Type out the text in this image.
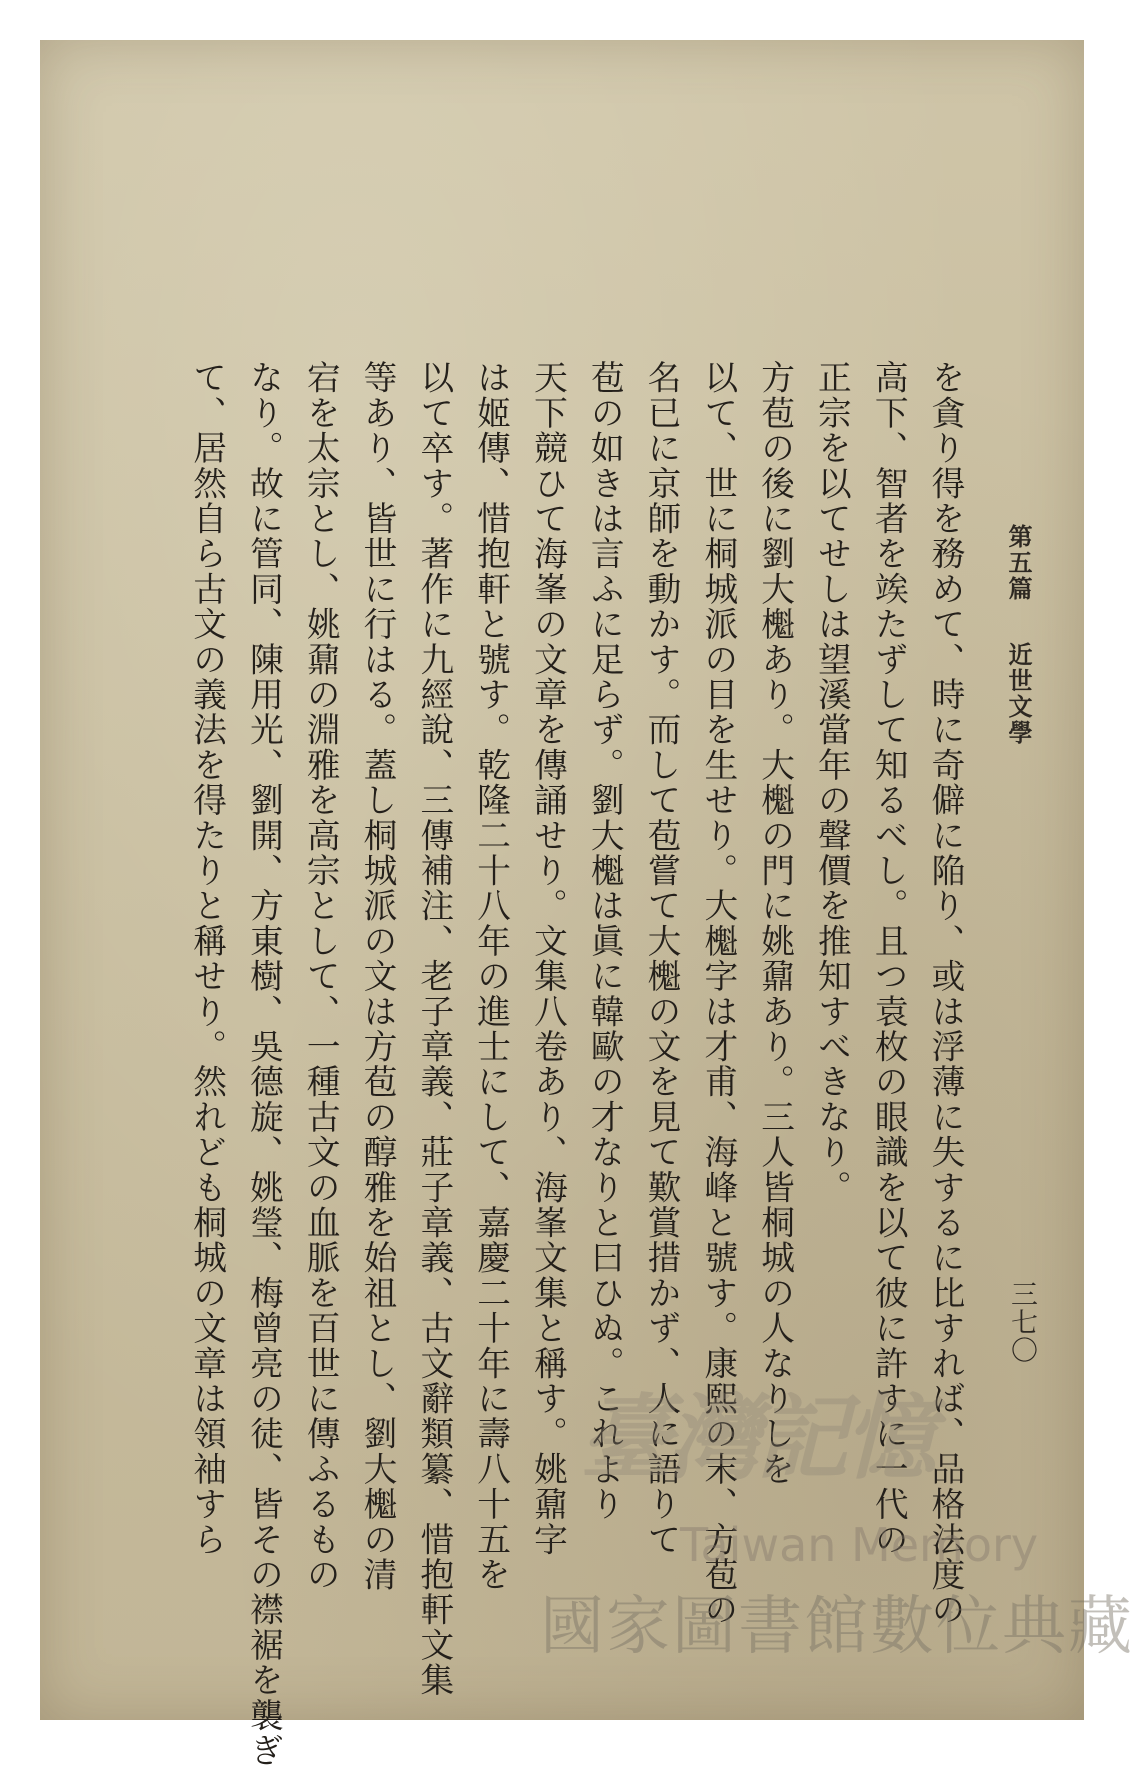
第五篇近世文學
三七〇
を貪り得を務めて、時に奇僻に陥り、或は浮薄に失するに比すれば、品格法度の
高下、智者を竢たずして知るべし。且つ袁枚の眼識を以て彼に許すに一代の
正宗を以てせしは望溪當年の聲價を推知すべきなり。
方苞の後に劉大櫆あり。大櫆の門に姚鼐あり。三人皆桐城の人なりしを
以て、世に桐城派の目を生せり。大櫆字は才甫、海峰と號す。康熙の末、方苞の
名已に京師を動かす。而して苞嘗て大櫆の文を見て歎賞措かず、人に語りて
苞の如きは言ふに足らず。劉大櫆は眞に韓歐の才なりと曰ひぬ。これより
天下競ひて海峯の文章を傳誦せり。文集八卷あり、海峯文集と稱す。姚鼐字
は姬傳、惜抱軒と號す。乾隆二十八年の進士にして、嘉慶二十年に壽八十五を
以て卒す。著作に九經說、三傳補注、老子章義、莊子章義、古文辭類纂、惜抱軒文集
等あり、皆世に行はる。蓋し桐城派の文は方苞の醇雅を始祖とし、劉大櫆の清
宕を太宗とし、姚鼐の淵雅を高宗として、一種古文の血脈を百世に傳ふるもの
なり。故に管同、陳用光、劉開、方東樹、吳德旋、姚瑩、梅曾亮の徒、皆その襟裾を襲ぎ
て、居然自ら古文の義法を得たりと稱せり。然れども桐城の文章は領袖すら	臺灣記憶
Taiwan Memory
國家圖書館數位典藏
